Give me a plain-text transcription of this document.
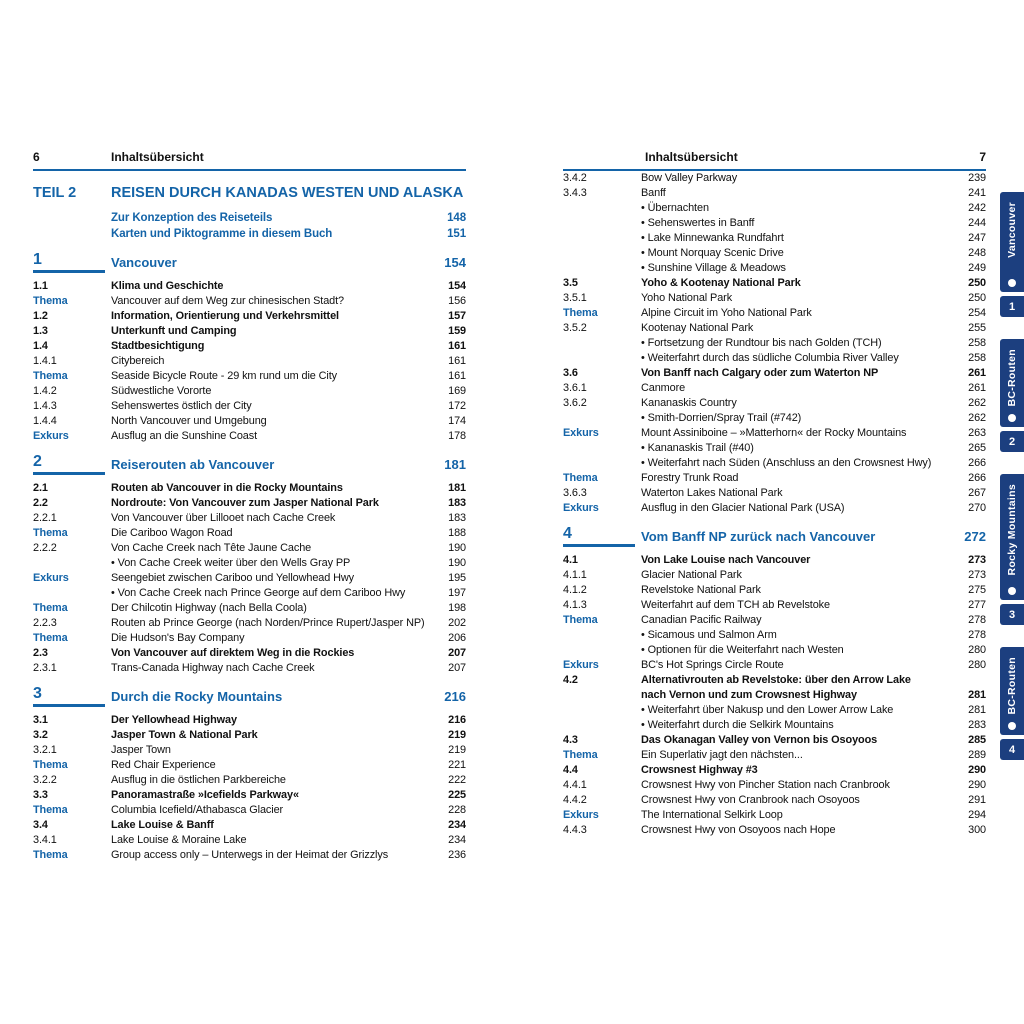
6	Inhaltsübersicht
TEIL 2	REISEN DURCH KANADAS WESTEN UND ALASKA
Zur Konzeption des Reiseteils	148
Karten und Piktogramme in diesem Buch	151
1	Vancouver	154
1.1	Klima und Geschichte	154
Thema	Vancouver auf dem Weg zur chinesischen Stadt?	156
1.2	Information, Orientierung und Verkehrsmittel	157
1.3	Unterkunft und Camping	159
1.4	Stadtbesichtigung	161
1.4.1	Citybereich	161
Thema	Seaside Bicycle Route - 29 km rund um die City	161
1.4.2	Südwestliche Vororte	169
1.4.3	Sehenswertes östlich der City	172
1.4.4	North Vancouver und Umgebung	174
Exkurs	Ausflug an die Sunshine Coast	178
2	Reiserouten ab Vancouver	181
2.1	Routen ab Vancouver in die Rocky Mountains	181
2.2	Nordroute: Von Vancouver zum Jasper National Park	183
2.2.1	Von Vancouver über Lillooet nach Cache Creek	183
Thema	Die Cariboo Wagon Road	188
2.2.2	Von Cache Creek nach Tête Jaune Cache	190
• Von Cache Creek weiter über den Wells Gray PP	190
Exkurs	Seengebiet zwischen Cariboo und Yellowhead Hwy	195
• Von Cache Creek nach Prince George auf dem Cariboo Hwy	197
Thema	Der Chilcotin Highway (nach Bella Coola)	198
2.2.3	Routen ab Prince George (nach Norden/Prince Rupert/Jasper NP)	202
Thema	Die Hudson's Bay Company	206
2.3	Von Vancouver auf direktem Weg in die Rockies	207
2.3.1	Trans-Canada Highway nach Cache Creek	207
3	Durch die Rocky Mountains	216
3.1	Der Yellowhead Highway	216
3.2	Jasper Town & National Park	219
3.2.1	Jasper Town	219
Thema	Red Chair Experience	221
3.2.2	Ausflug in die östlichen Parkbereiche	222
3.3	Panoramastraße »Icefields Parkway«	225
Thema	Columbia Icefield/Athabasca Glacier	228
3.4	Lake Louise & Banff	234
3.4.1	Lake Louise & Moraine Lake	234
Thema	Group access only – Unterwegs in der Heimat der Grizzlys	236
Inhaltsübersicht	7
3.4.2	Bow Valley Parkway	239
3.4.3	Banff	241
• Übernachten	242
• Sehenswertes in Banff	244
• Lake Minnewanka Rundfahrt	247
• Mount Norquay Scenic Drive	248
• Sunshine Village & Meadows	249
3.5	Yoho & Kootenay National Park	250
3.5.1	Yoho National Park	250
Thema	Alpine Circuit im Yoho National Park	254
3.5.2	Kootenay National Park	255
• Fortsetzung der Rundtour bis nach Golden (TCH)	258
• Weiterfahrt durch das südliche Columbia River Valley	258
3.6	Von Banff nach Calgary oder zum Waterton NP	261
3.6.1	Canmore	261
3.6.2	Kananaskis Country	262
• Smith-Dorrien/Spray Trail (#742)	262
Exkurs	Mount Assiniboine – »Matterhorn« der Rocky Mountains	263
• Kananaskis Trail (#40)	265
• Weiterfahrt nach Süden (Anschluss an den Crowsnest Hwy)	266
Thema	Forestry Trunk Road	266
3.6.3	Waterton Lakes National Park	267
Exkurs	Ausflug in den Glacier National Park (USA)	270
4	Vom Banff NP zurück nach Vancouver	272
4.1	Von Lake Louise nach Vancouver	273
4.1.1	Glacier National Park	273
4.1.2	Revelstoke National Park	275
4.1.3	Weiterfahrt auf dem TCH ab Revelstoke	277
Thema	Canadian Pacific Railway	278
• Sicamous und Salmon Arm	278
• Optionen für die Weiterfahrt nach Westen	280
Exkurs	BC's Hot Springs Circle Route	280
4.2	Alternativrouten ab Revelstoke: über den Arrow Lake
nach Vernon und zum Crowsnest Highway	281
• Weiterfahrt über Nakusp und den Lower Arrow Lake	281
• Weiterfahrt durch die Selkirk Mountains	283
4.3	Das Okanagan Valley von Vernon bis Osoyoos	285
Thema	Ein Superlativ jagt den nächsten...	289
4.4	Crowsnest Highway #3	290
4.4.1	Crowsnest Hwy von Pincher Station nach Cranbrook	290
4.4.2	Crowsnest Hwy von Cranbrook nach Osoyoos	291
Exkurs	The International Selkirk Loop	294
4.4.3	Crowsnest Hwy von Osoyoos nach Hope	300
Vancouver
1
BC-Routen
2
Rocky Mountains
3
BC-Routen
4
